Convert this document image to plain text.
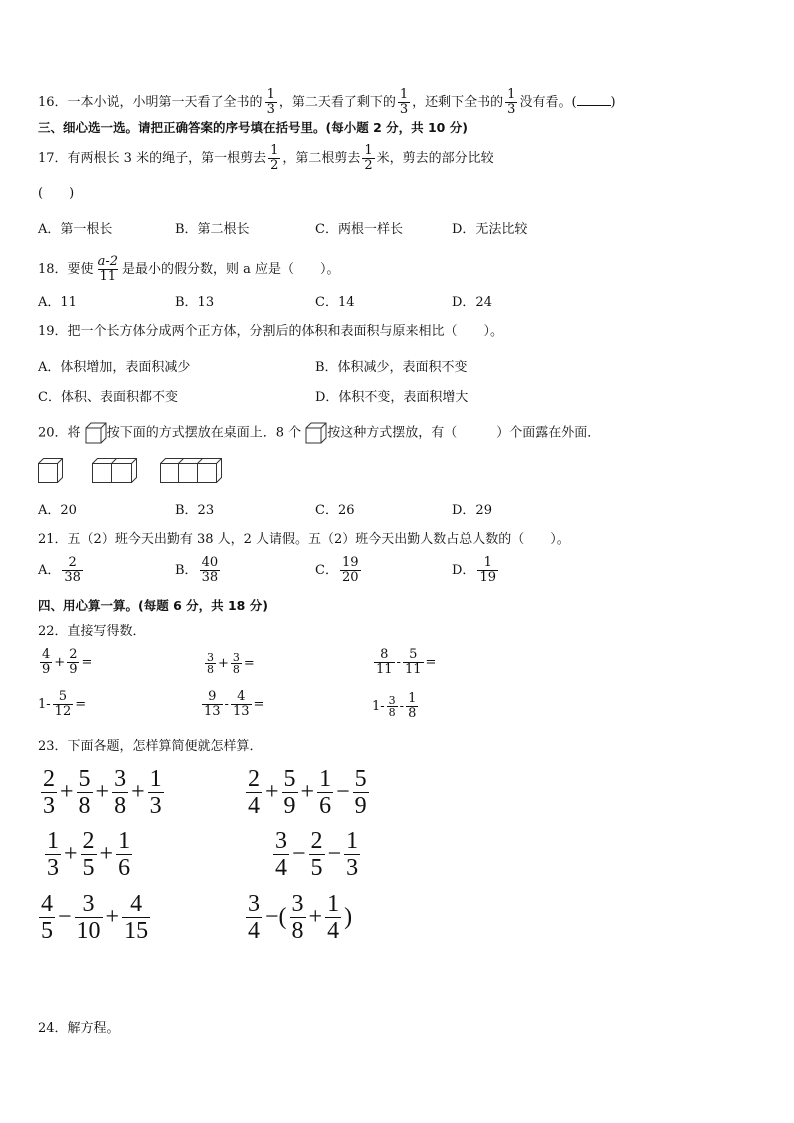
16．一本小说，小明第一天看了全书的 $\frac{1}{3}$ ，第二天看了剩下的 $\frac{1}{3}$ ，还剩下全书的 $\frac{1}{3}$ 没有看。(	)
三、细心选一选。请把正确答案的序号填在括号里。(每小题 2 分，共 10 分)
17．有两根长 3 米的绳子，第一根剪去 $\frac{1}{2}$ ，第二根剪去 $\frac{1}{2}$ 米，剪去的部分比较
(　　)
A．第一根长	B．第二根长	C．两根一样长	D．无法比较
18．要使 $\frac{a-2}{11}$ 是最小的假分数，则 a 应是（　　）。
A．11	B．13	C．14	D．24
19．把一个长方体分成两个正方体，分割后的体积和表面积与原来相比（　　）。
A．体积增加，表面积减少	B．体积减少，表面积不变
C．体积、表面积都不变	D．体积不变，表面积增大
20．将 按下面的方式摆放在桌面上．8 个 按这种方式摆放，有（　　　）个面露在外面．
A．20	B．23	C．26	D．29
21．五（2）班今天出勤有 38 人，2 人请假。五（2）班今天出勤人数占总人数的（　　）。
A． $\frac{2}{38}$	B． $\frac{40}{38}$	C． $\frac{19}{20}$	D． $\frac{1}{19}$
四、用心算一算。(每题 6 分，共 18 分)
22．直接写得数．
$\frac{4}{9} + \frac{2}{9}$ =	$\frac{3}{8} + \frac{3}{8}$ =	$\frac{8}{11} - \frac{5}{11}$ =
$1- \frac{5}{12}$ =	$\frac{9}{13} - \frac{4}{13}$ =	$1- \frac{3}{8} - \frac{1}{8}$
23．下面各题，怎样算简便就怎样算．
$\frac{2}{3} + \frac{5}{8} + \frac{3}{8} + \frac{1}{3}$	$\frac{2}{4} + \frac{5}{9} + \frac{1}{6} - \frac{5}{9}$
$\frac{1}{3} + \frac{2}{5} + \frac{1}{6}$	$\frac{3}{4} - \frac{2}{5} - \frac{1}{3}$
$\frac{4}{5} - \frac{3}{10} + \frac{4}{15}$	$\frac{3}{4}$ −( $\frac{3}{8} + \frac{1}{4}$ )
24．解方程。
